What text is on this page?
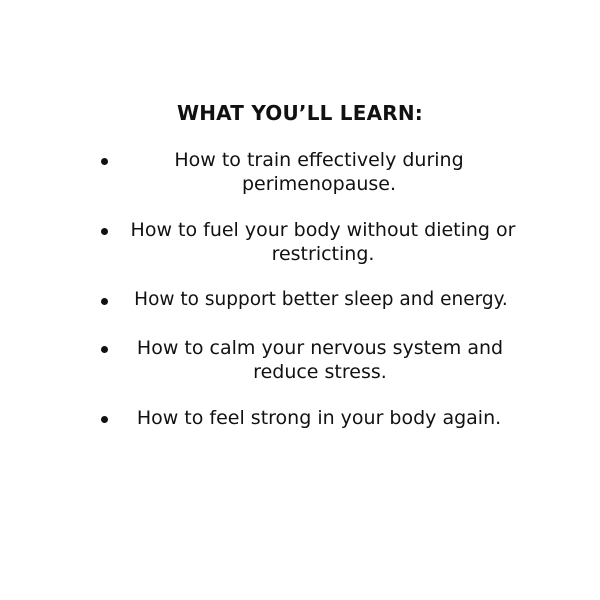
WHAT YOU’LL LEARN:
How to train effectively during perimenopause.
How to fuel your body without dieting or restricting.
How to support better sleep and energy.
How to calm your nervous system and reduce stress.
How to feel strong in your body again.
